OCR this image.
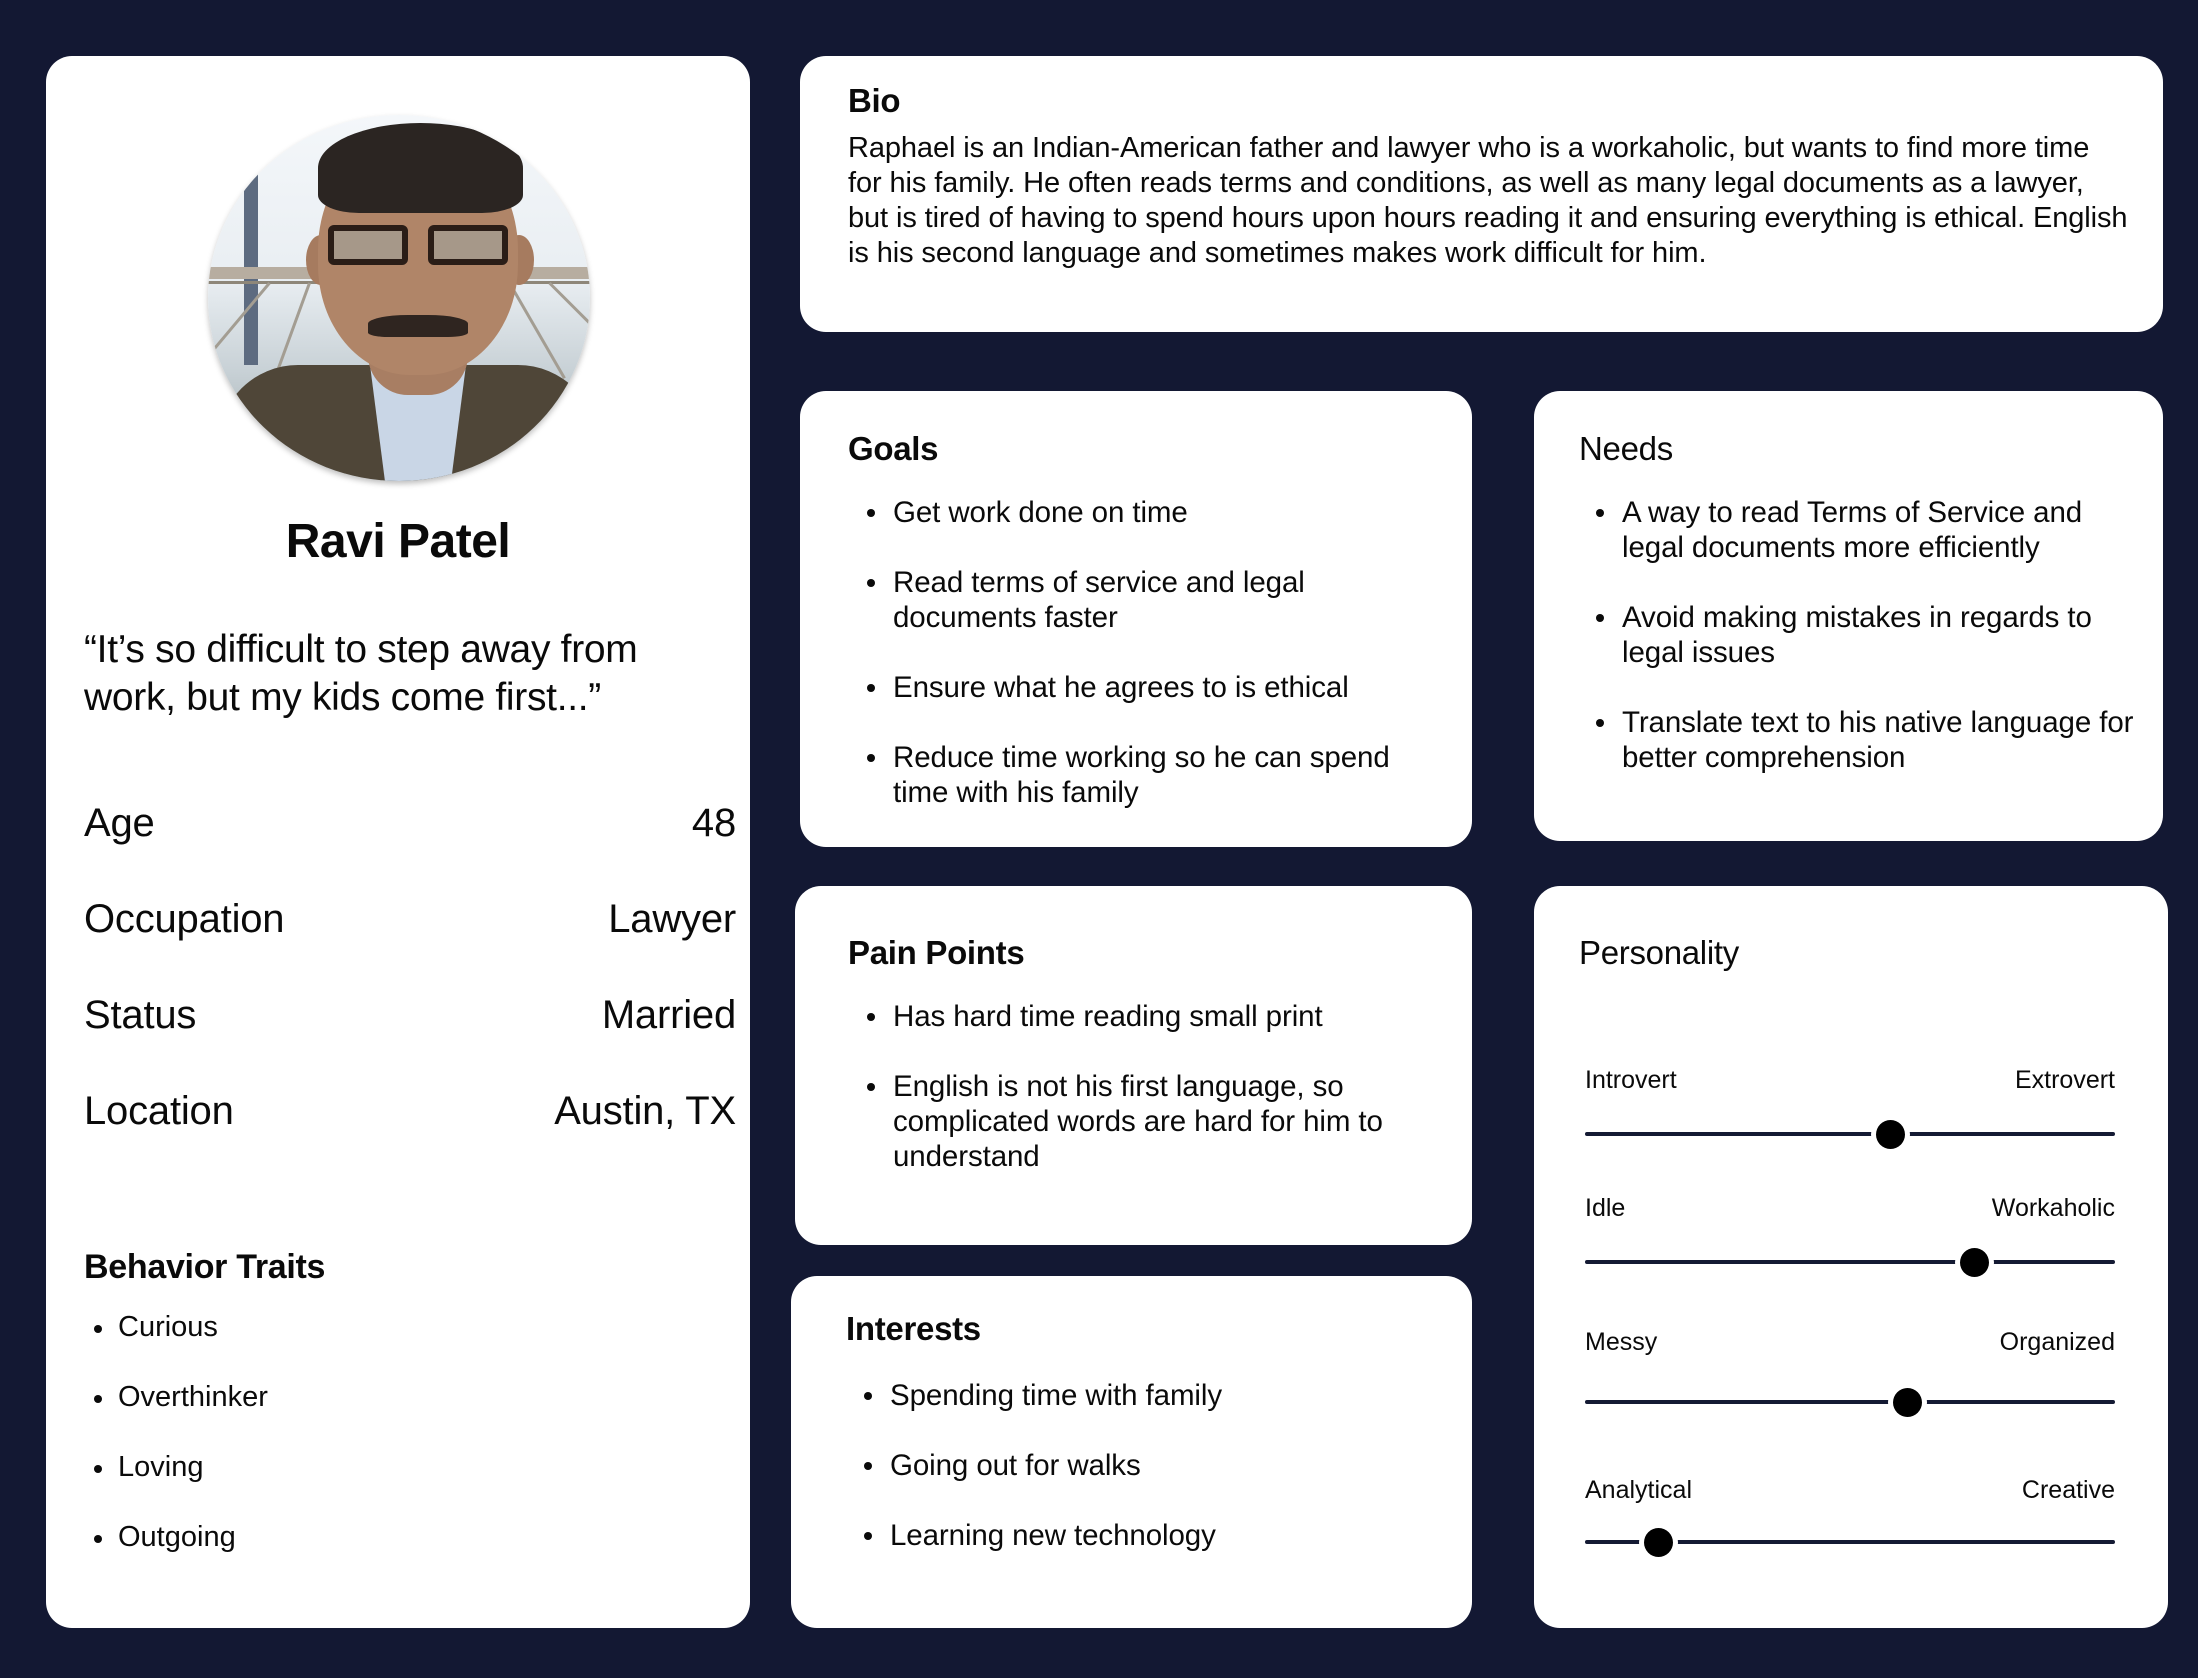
Ravi Patel
“It’s so difficult to step away from work, but my kids come first...”
Age	48
Occupation	Lawyer
Status	Married
Location	Austin, TX
Behavior Traits
Curious
Overthinker
Loving
Outgoing
Bio
Raphael is an Indian-American father and lawyer who is a workaholic, but wants to find more time for his family. He often reads terms and conditions, as well as many legal documents as a lawyer, but is tired of having to spend hours upon hours reading it and ensuring everything is ethical. English is his second language and sometimes makes work difficult for him.
Goals
Get work done on time
Read terms of service and legal documents faster
Ensure what he agrees to is ethical
Reduce time working so he can spend time with his family
Needs
A way to read Terms of Service and legal documents more efficiently
Avoid making mistakes in regards to legal issues
Translate text to his native language for better comprehension
Pain Points
Has hard time reading small print
English is not his first language, so complicated words are hard for him to understand
Interests
Spending time with family
Going out for walks
Learning new technology
Personality
Introvert	Extrovert
Idle	Workaholic
Messy	Organized
Analytical	Creative
